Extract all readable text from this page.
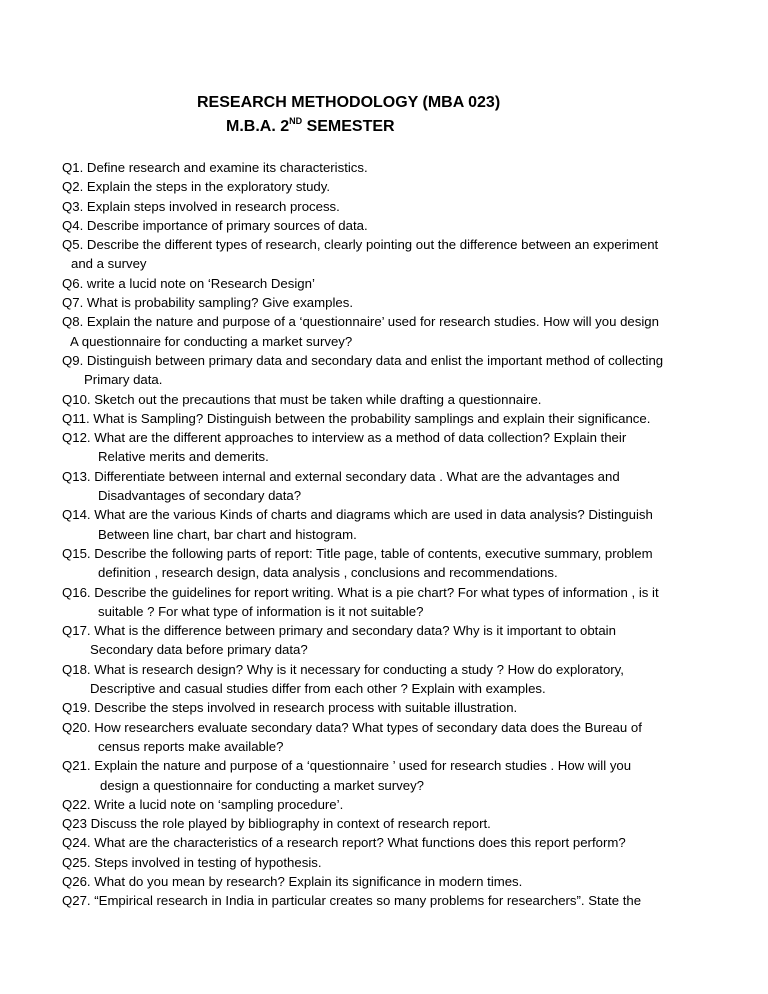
RESEARCH METHODOLOGY (MBA 023)
M.B.A. 2ND SEMESTER
Q1. Define research and examine its characteristics.
Q2. Explain the steps in the exploratory study.
Q3. Explain steps involved in research process.
Q4. Describe importance of primary sources of data.
Q5. Describe the different types of research, clearly pointing out the difference between an experiment
and a survey
Q6. write a lucid note on ‘Research Design’
Q7. What is probability sampling? Give examples.
Q8. Explain the nature and purpose of a ‘questionnaire’ used for research studies. How will you design
A questionnaire for conducting a market survey?
Q9. Distinguish between primary data and secondary data and enlist the important method of collecting
Primary data.
Q10. Sketch out the precautions that must be taken while drafting a questionnaire.
Q11. What is Sampling? Distinguish between the probability samplings and explain their significance.
Q12. What are the different approaches to interview as a method of data collection? Explain their
Relative merits and demerits.
Q13. Differentiate between internal and external secondary data . What are the advantages and
Disadvantages of secondary data?
Q14. What are the various Kinds of charts and diagrams which are used in data analysis? Distinguish
Between line chart, bar chart and histogram.
Q15. Describe the following parts of report: Title page, table of contents, executive summary, problem
definition , research design, data analysis , conclusions and recommendations.
Q16. Describe the guidelines for report writing. What is a pie chart? For what types of information , is it
suitable ? For what type of information is it not suitable?
Q17. What is the difference between primary and secondary data? Why is it important to obtain
Secondary data before primary data?
Q18. What is research design? Why is it necessary for conducting a study ? How do exploratory,
Descriptive and casual studies differ from each other ? Explain with examples.
Q19. Describe the steps involved in research process with suitable illustration.
Q20. How researchers evaluate secondary data? What types of secondary data does the Bureau of
census reports make available?
Q21. Explain the nature and purpose of a ‘questionnaire ’ used for research studies . How will you
design a questionnaire for conducting a market survey?
Q22. Write a lucid note on ‘sampling procedure’.
Q23 Discuss the role played by bibliography in context of research report.
Q24. What are the characteristics of a research report? What functions does this report perform?
Q25. Steps involved in testing of hypothesis.
Q26. What do you mean by research? Explain its significance in modern times.
Q27. “Empirical research in India in particular creates so many problems for researchers”. State the
